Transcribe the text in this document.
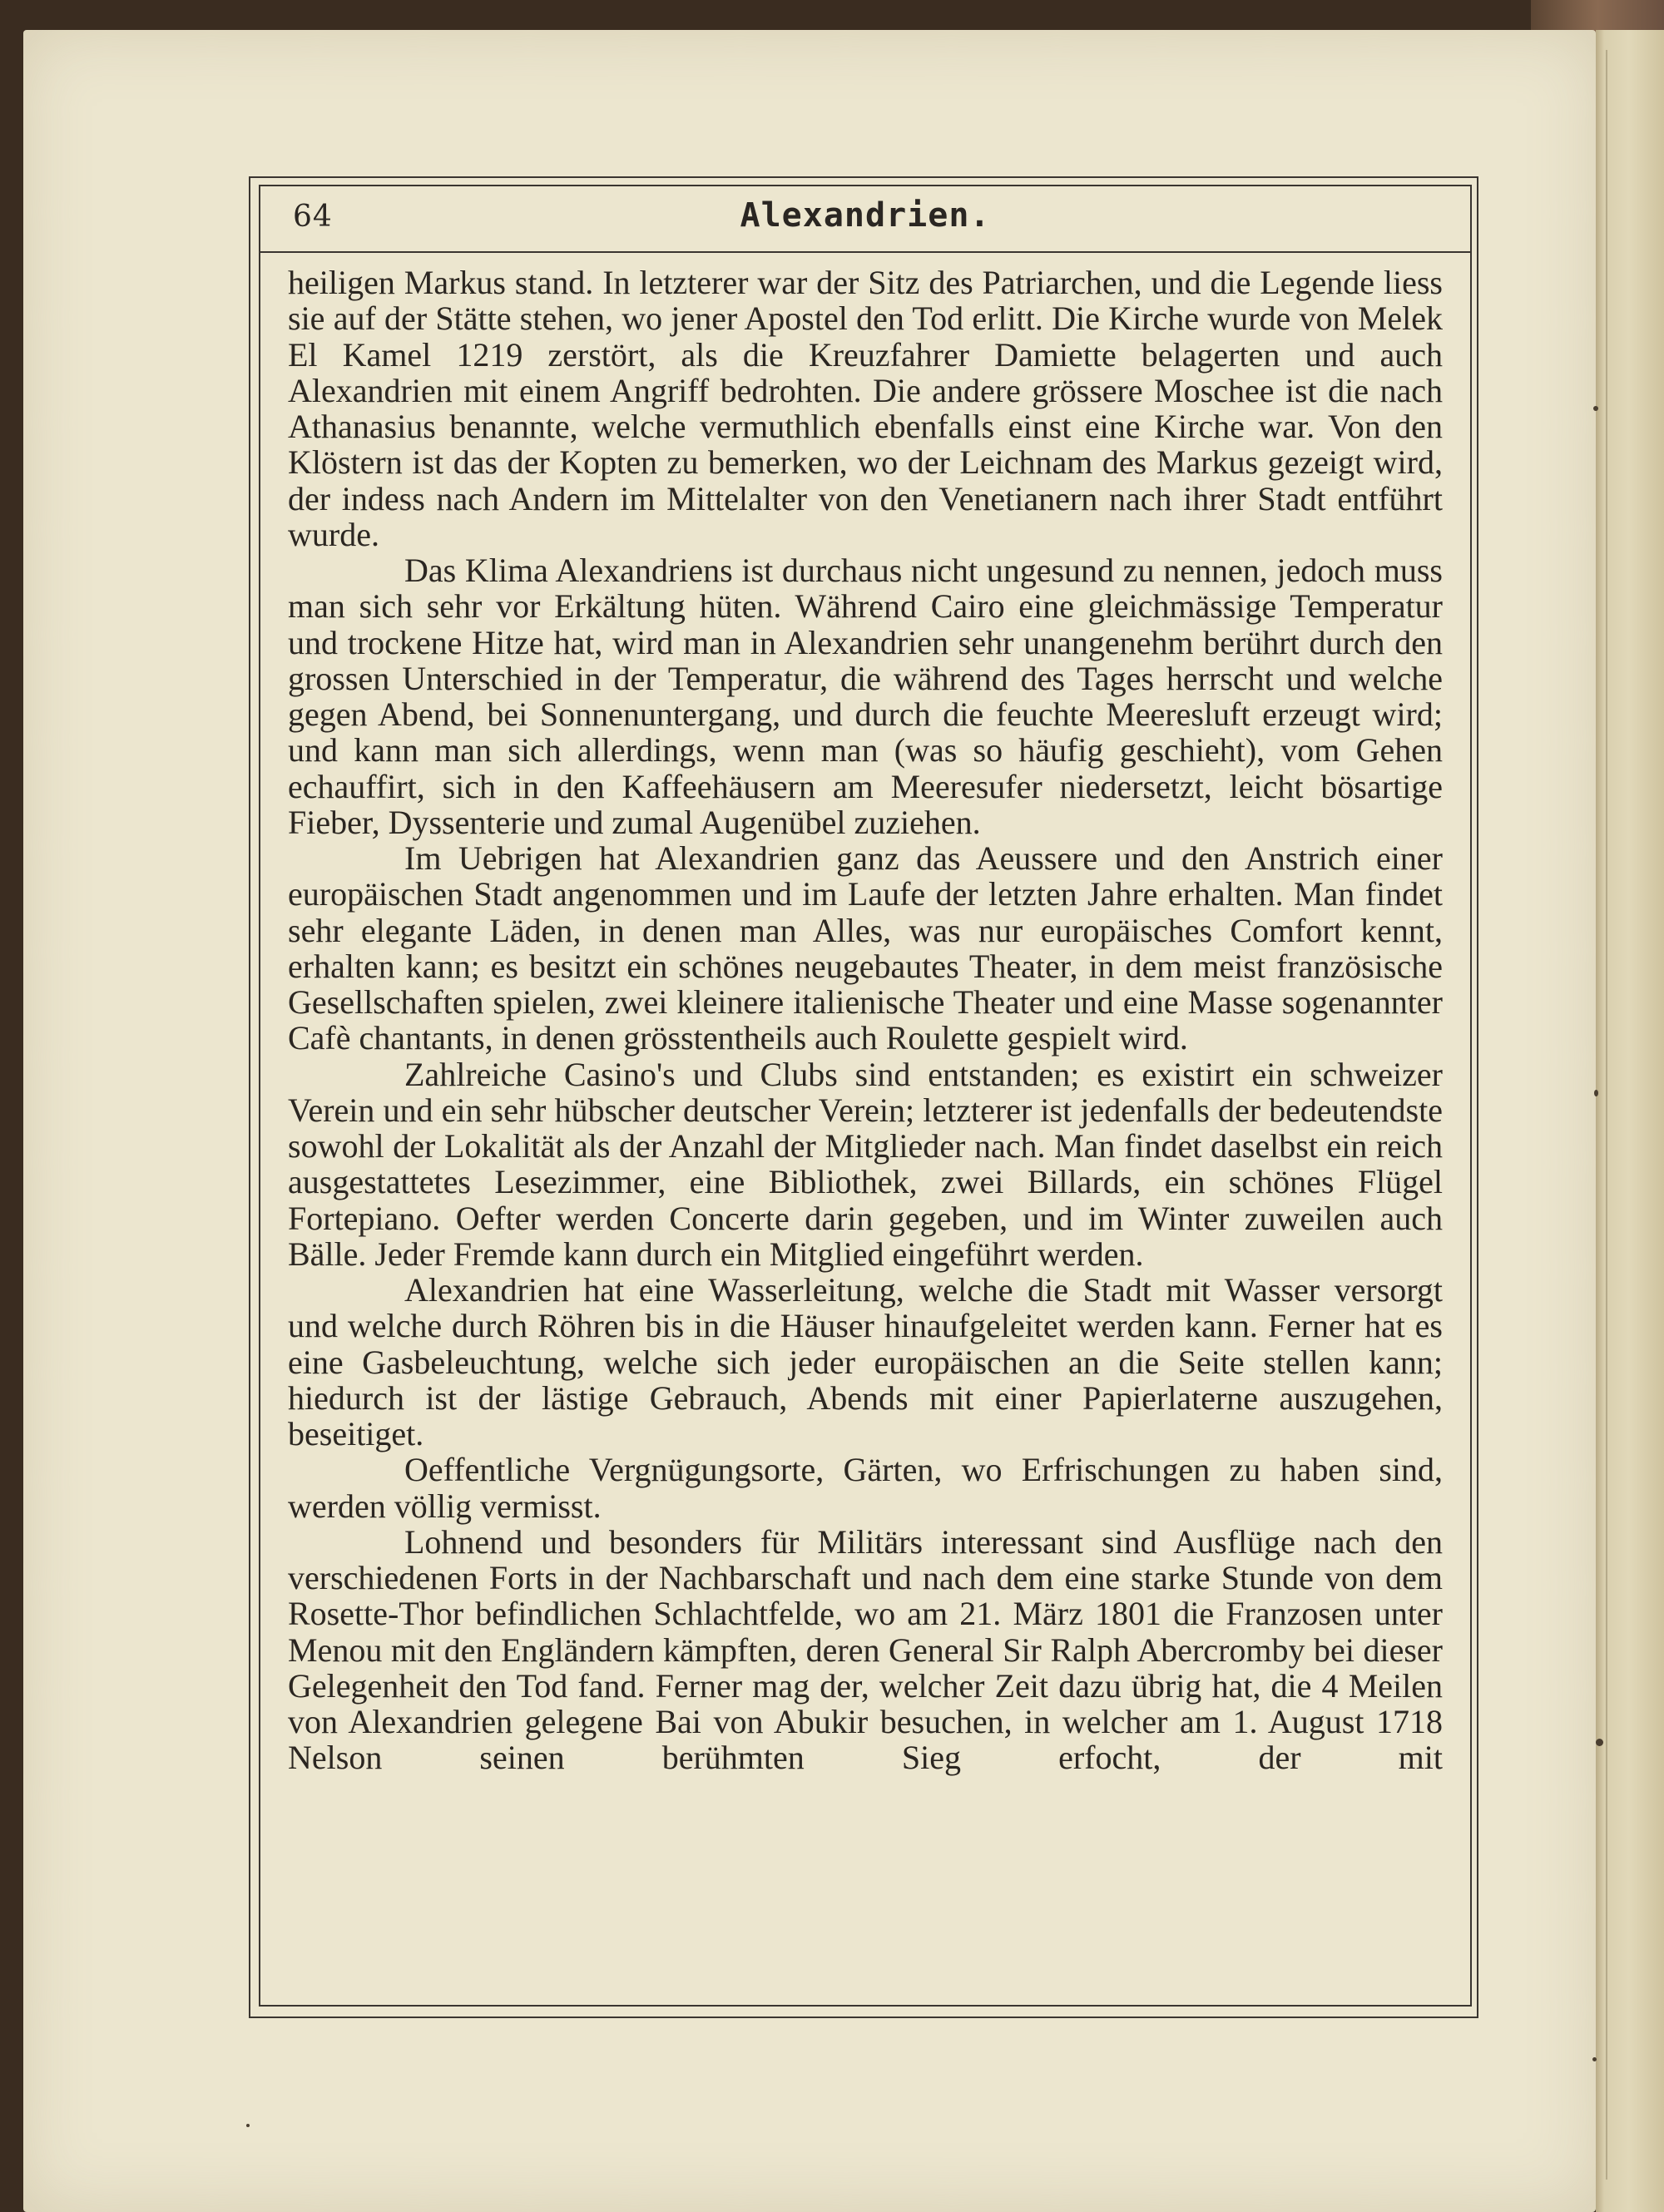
64	Alexandrien.

heiligen Markus stand. In letzterer war der Sitz des Patriarchen, und die Legende liess sie auf der Stätte stehen, wo jener Apostel den Tod erlitt. Die Kirche wurde von Melek El Kamel 1219 zerstört, als die Kreuzfahrer Damiette belagerten und auch Alexandrien mit einem Angriff bedrohten. Die andere grössere Moschee ist die nach Athanasius benannte, welche vermuthlich ebenfalls einst eine Kirche war. Von den Klöstern ist das der Kopten zu bemerken, wo der Leichnam des Markus gezeigt wird, der indess nach Andern im Mittelalter von den Venetianern nach ihrer Stadt entführt wurde.

Das Klima Alexandriens ist durchaus nicht ungesund zu nennen, jedoch muss man sich sehr vor Erkältung hüten. Während Cairo eine gleichmässige Temperatur und trockene Hitze hat, wird man in Alexandrien sehr unangenehm berührt durch den grossen Unterschied in der Temperatur, die während des Tages herrscht und welche gegen Abend, bei Sonnenuntergang, und durch die feuchte Meeresluft erzeugt wird; und kann man sich allerdings, wenn man (was so häufig geschieht), vom Gehen echauffirt, sich in den Kaffeehäusern am Meeresufer niedersetzt, leicht bösartige Fieber, Dyssenterie und zumal Augenübel zuziehen.

Im Uebrigen hat Alexandrien ganz das Aeussere und den Anstrich einer europäischen Stadt angenommen und im Laufe der letzten Jahre erhalten. Man findet sehr elegante Läden, in denen man Alles, was nur europäisches Comfort kennt, erhalten kann; es besitzt ein schönes neugebautes Theater, in dem meist französische Gesellschaften spielen, zwei kleinere italienische Theater und eine Masse sogenannter Cafè chantants, in denen grösstentheils auch Roulette gespielt wird.

Zahlreiche Casino's und Clubs sind entstanden; es existirt ein schweizer Verein und ein sehr hübscher deutscher Verein; letzterer ist jedenfalls der bedeutendste sowohl der Lokalität als der Anzahl der Mitglieder nach. Man findet daselbst ein reich ausgestattetes Lesezimmer, eine Bibliothek, zwei Billards, ein schönes Flügel Fortepiano. Oefter werden Concerte darin gegeben, und im Winter zuweilen auch Bälle. Jeder Fremde kann durch ein Mitglied eingeführt werden.

Alexandrien hat eine Wasserleitung, welche die Stadt mit Wasser versorgt und welche durch Röhren bis in die Häuser hinaufgeleitet werden kann. Ferner hat es eine Gasbeleuchtung, welche sich jeder europäischen an die Seite stellen kann; hiedurch ist der lästige Gebrauch, Abends mit einer Papierlaterne auszugehen, beseitiget.

Oeffentliche Vergnügungsorte, Gärten, wo Erfrischungen zu haben sind, werden völlig vermisst.

Lohnend und besonders für Militärs interessant sind Ausflüge nach den verschiedenen Forts in der Nachbarschaft und nach dem eine starke Stunde von dem Rosette-Thor befindlichen Schlachtfelde, wo am 21. März 1801 die Franzosen unter Menou mit den Engländern kämpften, deren General Sir Ralph Abercromby bei dieser Gelegenheit den Tod fand. Ferner mag der, welcher Zeit dazu übrig hat, die 4 Meilen von Alexandrien gelegene Bai von Abukir besuchen, in welcher am 1. August 1718 Nelson seinen berühmten Sieg erfocht, der mit
